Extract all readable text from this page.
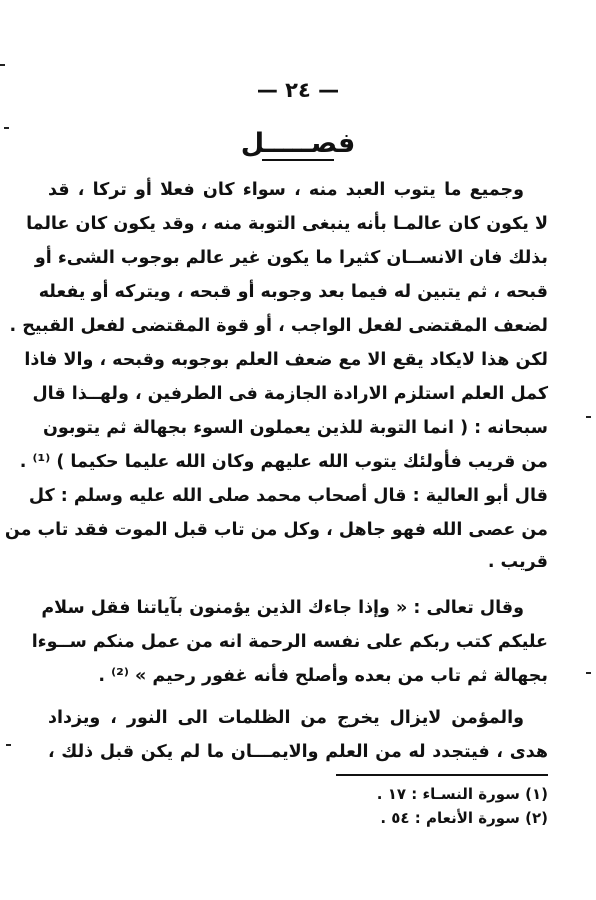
— ٢٤ —
فصـــــل
وجميع ما يتوب العبد منه ، سواء كان فعلا أو تركا ، قد
لا يكون كان عالمـا بأنه ينبغى التوبة منه ، وقد يكون كان عالما
بذلك فان الانســان كثيرا ما يكون غير عالم بوجوب الشىء أو
قبحه ، ثم يتبين له فيما بعد وجوبه أو قبحه ، ويتركه أو يفعله
لضعف المقتضى لفعل الواجب ، أو قوة المقتضى لفعل القبيح .
لكن هذا لايكاد يقع الا مع ضعف العلم بوجوبه وقبحه ، والا فاذا
كمل العلم استلزم الارادة الجازمة فى الطرفين ، ولهــذا قال
سبحانه : ( انما التوبة للذين يعملون السوء بجهالة ثم يتوبون
من قريب فأولئك يتوب الله عليهم وكان الله عليما حكيما ) ⁽¹⁾ .
قال أبو العالية : قال أصحاب محمد صلى الله عليه وسلم : كل
من عصى الله فهو جاهل ، وكل من تاب قبل الموت فقد تاب من
قريب .
وقال تعالى : « وإذا جاءك الذين يؤمنون بآياتنا فقل سلام
عليكم كتب ربكم على نفسه الرحمة انه من عمل منكم ســوءا
بجهالة ثم تاب من بعده وأصلح فأنه غفور رحيم » ⁽²⁾ .
والمؤمن لايزال يخرج من الظلمات الى النور ، ويزداد
هدى ، فيتجدد له من العلم والايمـــان ما لم يكن قبل ذلك ،
(١) سورة النسـاء : ١٧ .
(٢) سورة الأنعام : ٥٤ .
